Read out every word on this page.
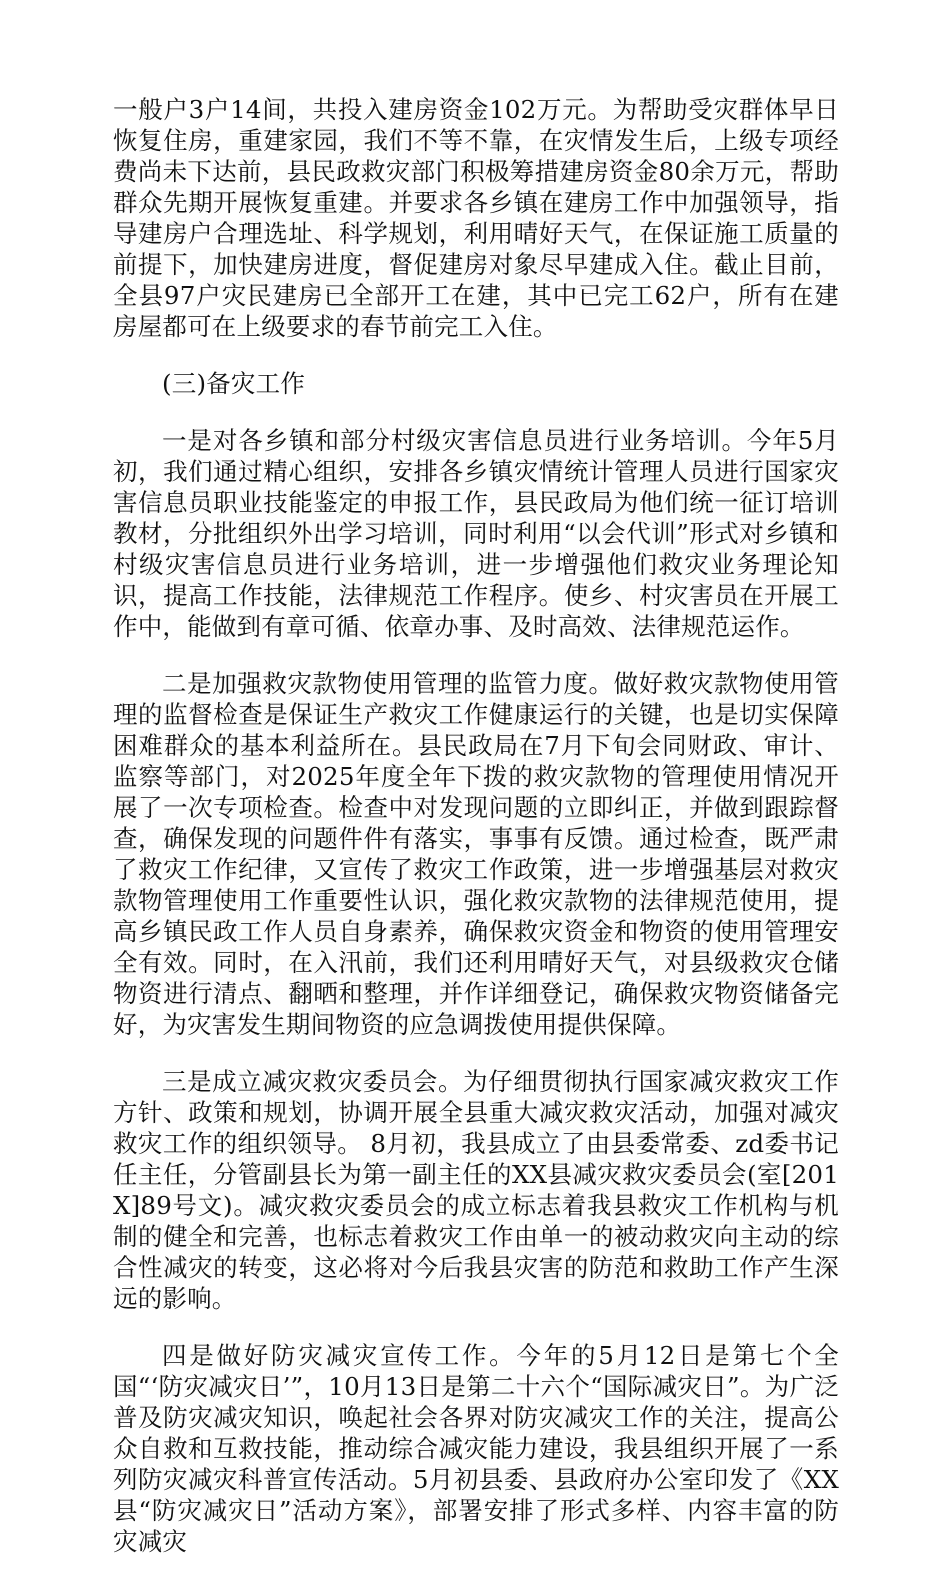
一般户3户14间，共投入建房资金102万元。为帮助受灾群体早日恢复住房，重建家园，我们不等不靠，在灾情发生后，上级专项经费尚未下达前，县民政救灾部门积极筹措建房资金80余万元，帮助群众先期开展恢复重建。并要求各乡镇在建房工作中加强领导，指导建房户合理选址、科学规划，利用晴好天气，在保证施工质量的前提下，加快建房进度，督促建房对象尽早建成入住。截止目前，全县97户灾民建房已全部开工在建，其中已完工62户，所有在建房屋都可在上级要求的春节前完工入住。

(三)备灾工作

一是对各乡镇和部分村级灾害信息员进行业务培训。今年5月初，我们通过精心组织，安排各乡镇灾情统计管理人员进行国家灾害信息员职业技能鉴定的申报工作，县民政局为他们统一征订培训教材，分批组织外出学习培训，同时利用“以会代训”形式对乡镇和村级灾害信息员进行业务培训，进一步增强他们救灾业务理论知识，提高工作技能，法律规范工作程序。使乡、村灾害员在开展工作中，能做到有章可循、依章办事、及时高效、法律规范运作。

二是加强救灾款物使用管理的监管力度。做好救灾款物使用管理的监督检查是保证生产救灾工作健康运行的关键，也是切实保障困难群众的基本利益所在。县民政局在7月下旬会同财政、审计、监察等部门，对2025年度全年下拨的救灾款物的管理使用情况开展了一次专项检查。检查中对发现问题的立即纠正，并做到跟踪督查，确保发现的问题件件有落实，事事有反馈。通过检查，既严肃了救灾工作纪律，又宣传了救灾工作政策，进一步增强基层对救灾款物管理使用工作重要性认识，强化救灾款物的法律规范使用，提高乡镇民政工作人员自身素养，确保救灾资金和物资的使用管理安全有效。同时，在入汛前，我们还利用晴好天气，对县级救灾仓储物资进行清点、翻晒和整理，并作详细登记，确保救灾物资储备完好，为灾害发生期间物资的应急调拨使用提供保障。

三是成立减灾救灾委员会。为仔细贯彻执行国家减灾救灾工作方针、政策和规划，协调开展全县重大减灾救灾活动，加强对减灾救灾工作的组织领导。 8月初，我县成立了由县委常委、zd委书记任主任，分管副县长为第一副主任的XX县减灾救灾委员会(室[201X]89号文)。减灾救灾委员会的成立标志着我县救灾工作机构与机制的健全和完善，也标志着救灾工作由单一的被动救灾向主动的综合性减灾的转变，这必将对今后我县灾害的防范和救助工作产生深远的影响。

四是做好防灾减灾宣传工作。今年的5月12日是第七个全国“‘防灾减灾日’”，10月13日是第二十六个“国际减灾日”。为广泛普及防灾减灾知识，唤起社会各界对防灾减灾工作的关注，提高公众自救和互救技能，推动综合减灾能力建设，我县组织开展了一系列防灾减灾科普宣传活动。5月初县委、县政府办公室印发了《XX县“防灾减灾日”活动方案》，部署安排了形式多样、内容丰富的防灾减灾
